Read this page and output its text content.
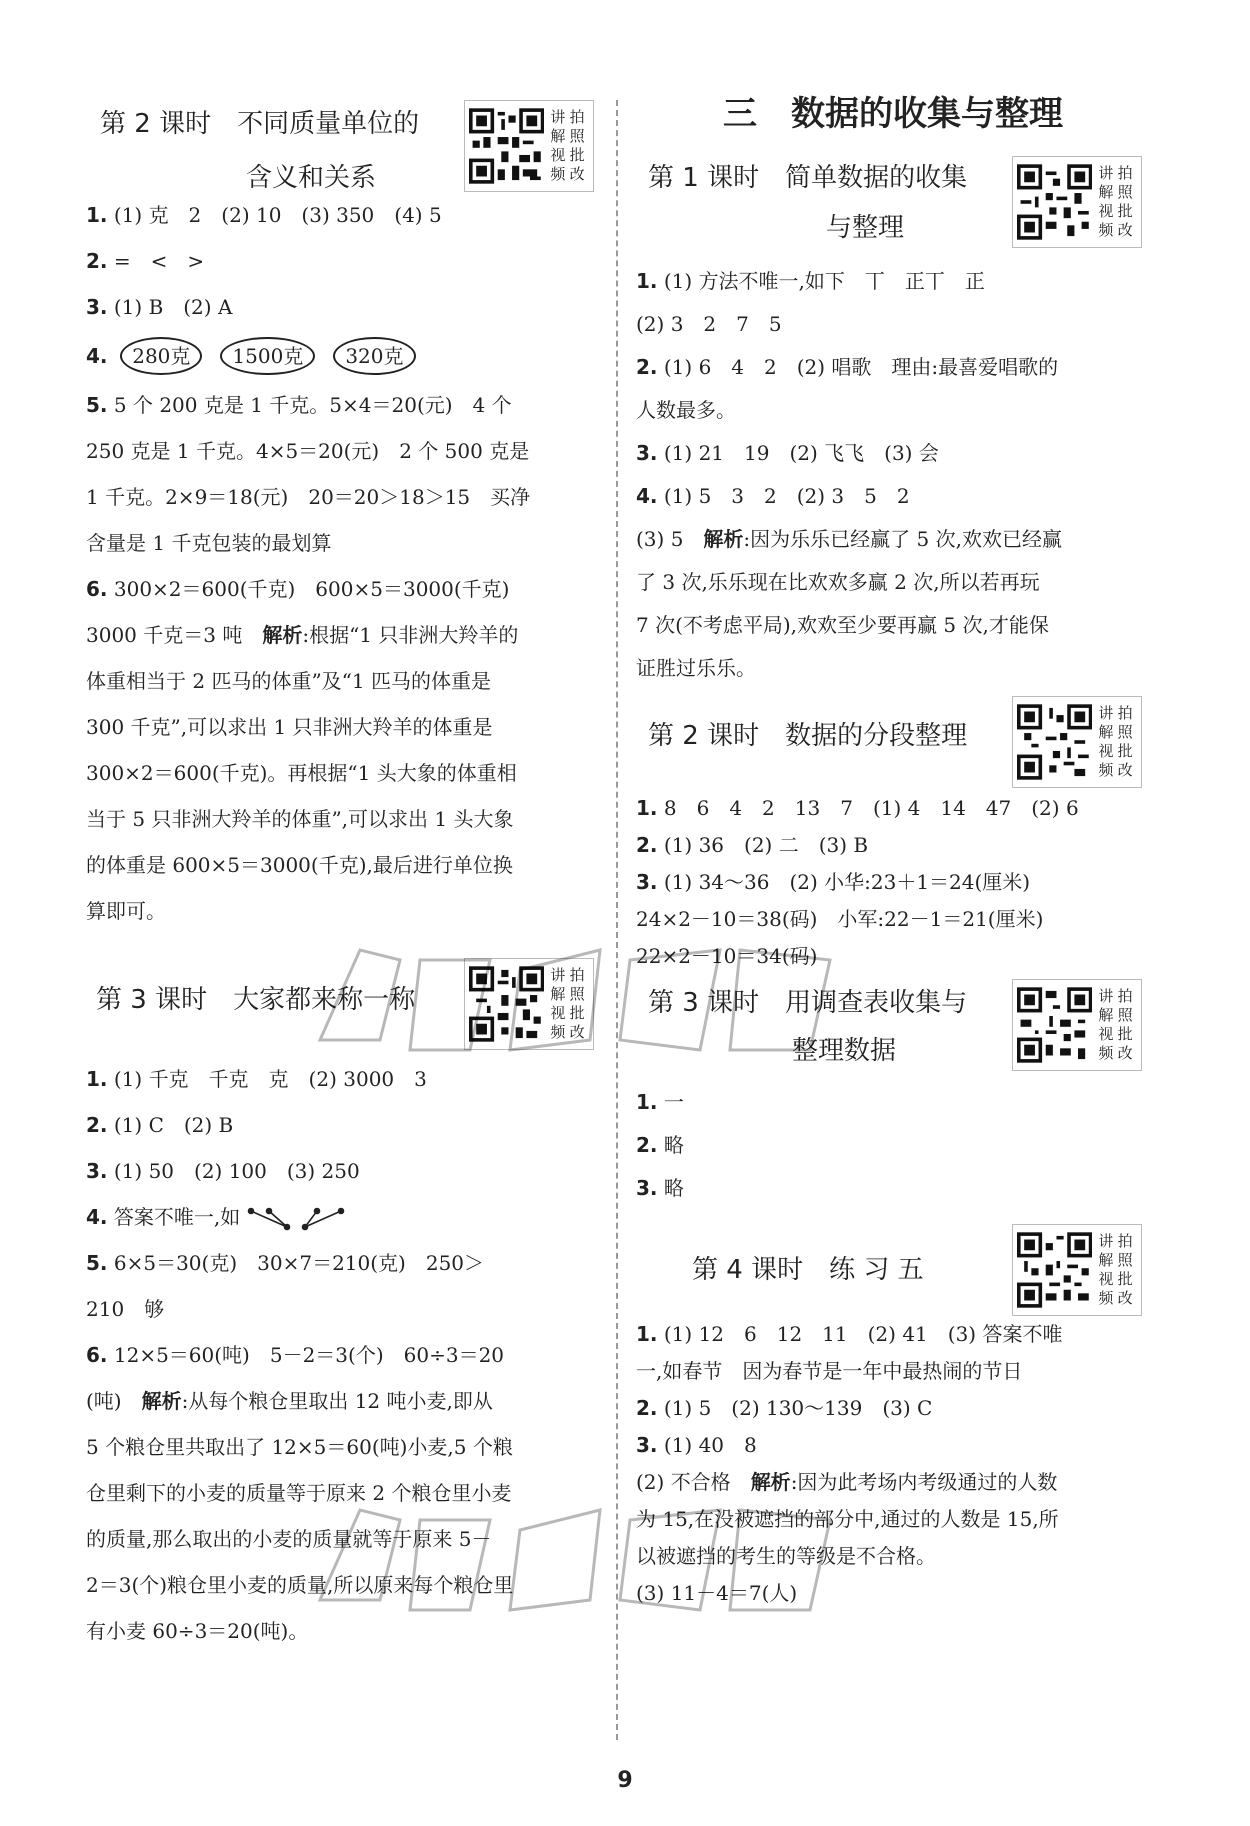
第 2 课时　不同质量单位的
含义和关系
讲 拍
解 照
视 批
频 改
1. (1) 克　2　(2) 10　(3) 350　(4) 5
2. =　<　>
3. (1) B　(2) A
4. 280克 1500克 320克
5. 5 个 200 克是 1 千克。5×4＝20(元)　4 个
250 克是 1 千克。4×5＝20(元)　2 个 500 克是
1 千克。2×9＝18(元)　20＝20＞18＞15　买净
含量是 1 千克包装的最划算
6. 300×2＝600(千克)　600×5＝3000(千克)
3000 千克＝3 吨　解析:根据“1 只非洲大羚羊的
体重相当于 2 匹马的体重”及“1 匹马的体重是
300 千克”,可以求出 1 只非洲大羚羊的体重是
300×2＝600(千克)。再根据“1 头大象的体重相
当于 5 只非洲大羚羊的体重”,可以求出 1 头大象
的体重是 600×5＝3000(千克),最后进行单位换
算即可。
第 3 课时　大家都来称一称
讲 拍
解 照
视 批
频 改
1. (1) 千克　千克　克　(2) 3000　3
2. (1) C　(2) B
3. (1) 50　(2) 100　(3) 250
4. 答案不唯一,如
5. 6×5＝30(克)　30×7＝210(克)　250＞
210　够
6. 12×5＝60(吨)　5－2＝3(个)　60÷3＝20
(吨)　解析:从每个粮仓里取出 12 吨小麦,即从
5 个粮仓里共取出了 12×5＝60(吨)小麦,5 个粮
仓里剩下的小麦的质量等于原来 2 个粮仓里小麦
的质量,那么取出的小麦的质量就等于原来 5－
2＝3(个)粮仓里小麦的质量,所以原来每个粮仓里
有小麦 60÷3＝20(吨)。
三　数据的收集与整理
第 1 课时　简单数据的收集
与整理
讲 拍
解 照
视 批
频 改
1. (1) 方法不唯一,如下　丅　正丅　正
(2) 3　2　7　5
2. (1) 6　4　2　(2) 唱歌　理由:最喜爱唱歌的
人数最多。
3. (1) 21　19　(2) 飞飞　(3) 会
4. (1) 5　3　2　(2) 3　5　2
(3) 5　解析:因为乐乐已经赢了 5 次,欢欢已经赢
了 3 次,乐乐现在比欢欢多赢 2 次,所以若再玩
7 次(不考虑平局),欢欢至少要再赢 5 次,才能保
证胜过乐乐。
第 2 课时　数据的分段整理
讲 拍
解 照
视 批
频 改
1. 8　6　4　2　13　7　(1) 4　14　47　(2) 6
2. (1) 36　(2) 二　(3) B
3. (1) 34～36　(2) 小华:23＋1＝24(厘米)
24×2－10＝38(码)　小军:22－1＝21(厘米)
22×2－10＝34(码)
第 3 课时　用调查表收集与
整理数据
讲 拍
解 照
视 批
频 改
1. 一
2. 略
3. 略
第 4 课时　练 习 五
讲 拍
解 照
视 批
频 改
1. (1) 12　6　12　11　(2) 41　(3) 答案不唯
一,如春节　因为春节是一年中最热闹的节日
2. (1) 5　(2) 130～139　(3) C
3. (1) 40　8
(2) 不合格　解析:因为此考场内考级通过的人数
为 15,在没被遮挡的部分中,通过的人数是 15,所
以被遮挡的考生的等级是不合格。
(3) 11－4＝7(人)
9
